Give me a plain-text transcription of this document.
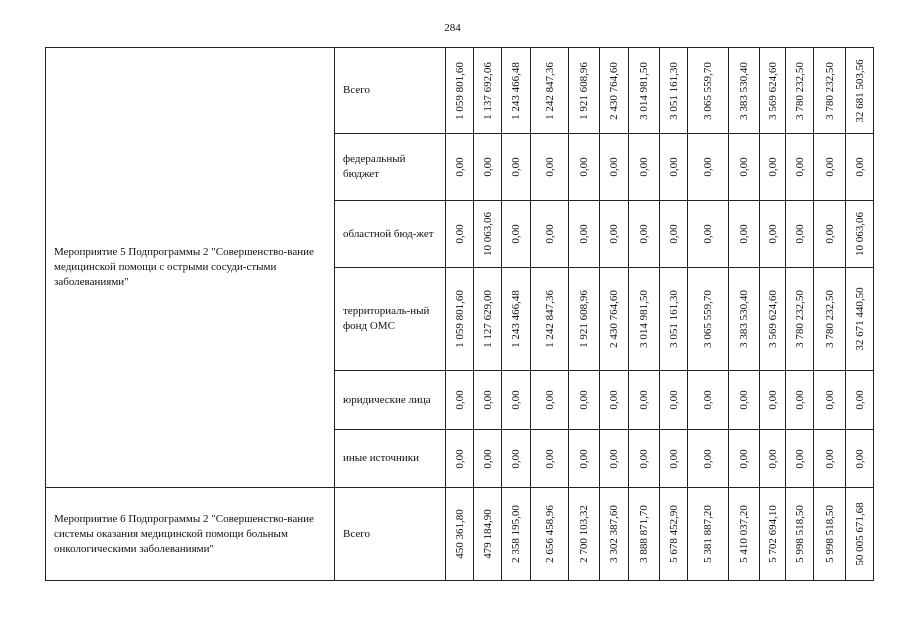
284
Мероприятие 5 Подпрограммы 2 "Совершенство-вание медицинской помощи с острыми сосуди-стыми заболеваниями"	Всего	1 059 801,60	1 137 692,06	1 243 466,48	1 242 847,36	1 921 608,96	2 430 764,60	3 014 981,50	3 051 161,30	3 065 559,70	3 383 530,40	3 569 624,60	3 780 232,50	3 780 232,50	32 681 503,56

	федеральный бюджет	0,00	0,00	0,00	0,00	0,00	0,00	0,00	0,00	0,00	0,00	0,00	0,00	0,00	0,00

	областной бюд-жет	0,00	10 063,06	0,00	0,00	0,00	0,00	0,00	0,00	0,00	0,00	0,00	0,00	0,00	10 063,06

	территориаль-ный фонд ОМС	1 059 801,60	1 127 629,00	1 243 466,48	1 242 847,36	1 921 608,96	2 430 764,60	3 014 981,50	3 051 161,30	3 065 559,70	3 383 530,40	3 569 624,60	3 780 232,50	3 780 232,50	32 671 440,50

	юридические лица	0,00	0,00	0,00	0,00	0,00	0,00	0,00	0,00	0,00	0,00	0,00	0,00	0,00	0,00

	иные источники	0,00	0,00	0,00	0,00	0,00	0,00	0,00	0,00	0,00	0,00	0,00	0,00	0,00	0,00

Мероприятие 6 Подпрограммы 2 "Совершенство-вание системы оказания медицинской помощи больным онкологическими заболеваниями"	Всего	450 361,80	479 184,90	2 358 195,00	2 656 458,96	2 700 103,32	3 302 387,60	3 888 871,70	5 678 452,90	5 381 887,20	5 410 037,20	5 702 694,10	5 998 518,50	5 998 518,50	50 005 671,68
